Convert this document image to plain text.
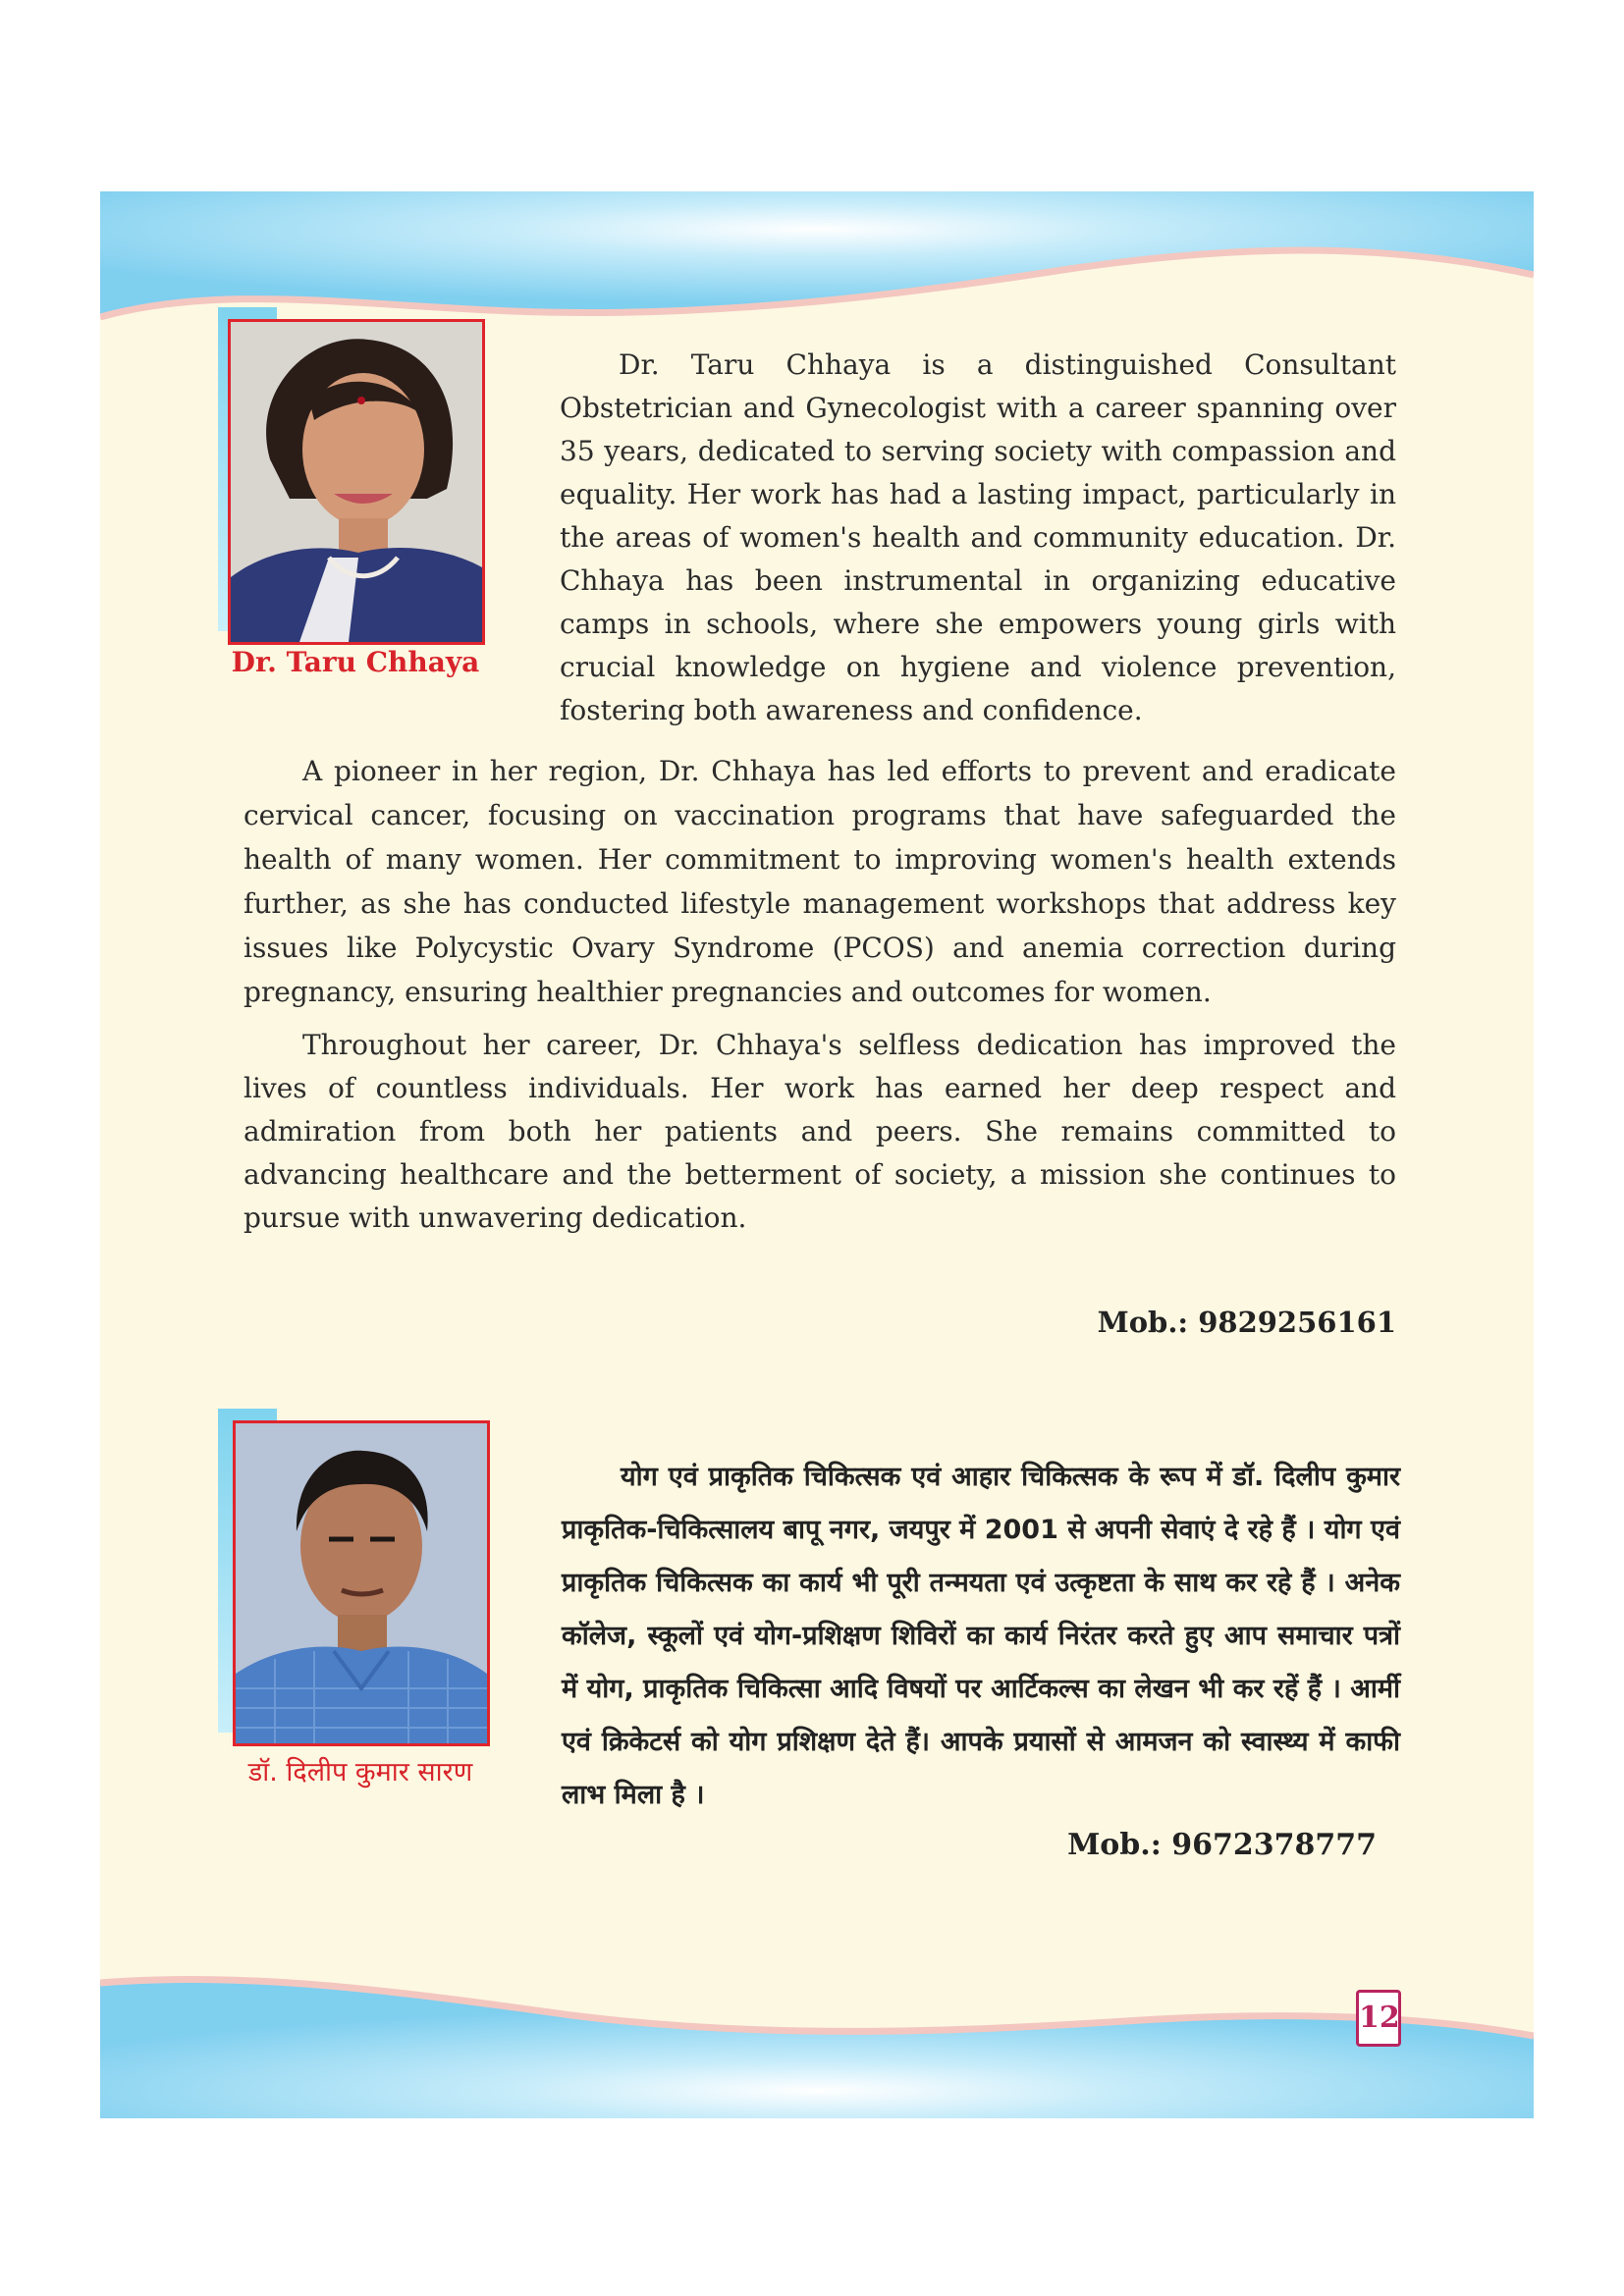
Dr. Taru Chhaya

Dr. Taru Chhaya is a distinguished Consultant Obstetrician and Gynecologist with a career spanning over 35 years, dedicated to serving society with compassion and equality. Her work has had a lasting impact, particularly in the areas of women's health and community education. Dr. Chhaya has been instrumental in organizing educative camps in schools, where she empowers young girls with crucial knowledge on hygiene and violence prevention, fostering both awareness and confidence.

A pioneer in her region, Dr. Chhaya has led efforts to prevent and eradicate cervical cancer, focusing on vaccination programs that have safeguarded the health of many women. Her commitment to improving women's health extends further, as she has conducted lifestyle management workshops that address key issues like Polycystic Ovary Syndrome (PCOS) and anemia correction during pregnancy, ensuring healthier pregnancies and outcomes for women.

Throughout her career, Dr. Chhaya's selfless dedication has improved the lives of countless individuals. Her work has earned her deep respect and admiration from both her patients and peers. She remains committed to advancing healthcare and the betterment of society, a mission she continues to pursue with unwavering dedication.

Mob.: 9829256161
डॉ. दिलीप कुमार सारण

योग एवं प्राकृतिक चिकित्सक एवं आहार चिकित्सक के रूप में डॉ. दिलीप कुमार प्राकृतिक-चिकित्सालय बापू नगर, जयपुर में 2001 से अपनी सेवाएं दे रहे हैं । योग एवं प्राकृतिक चिकित्सक का कार्य भी पूरी तन्मयता एवं उत्कृष्टता के साथ कर रहे हैं । अनेक कॉलेज, स्कूलों एवं योग-प्रशिक्षण शिविरों का कार्य निरंतर करते हुए आप समाचार पत्रों में योग, प्राकृतिक चिकित्सा आदि विषयों पर आर्टिकल्स का लेखन भी कर रहें हैं । आर्मी एवं क्रिकेटर्स को योग प्रशिक्षण देते हैं। आपके प्रयासों से आमजन को स्वास्थ्य में काफी लाभ मिला है ।

Mob.: 9672378777
12
